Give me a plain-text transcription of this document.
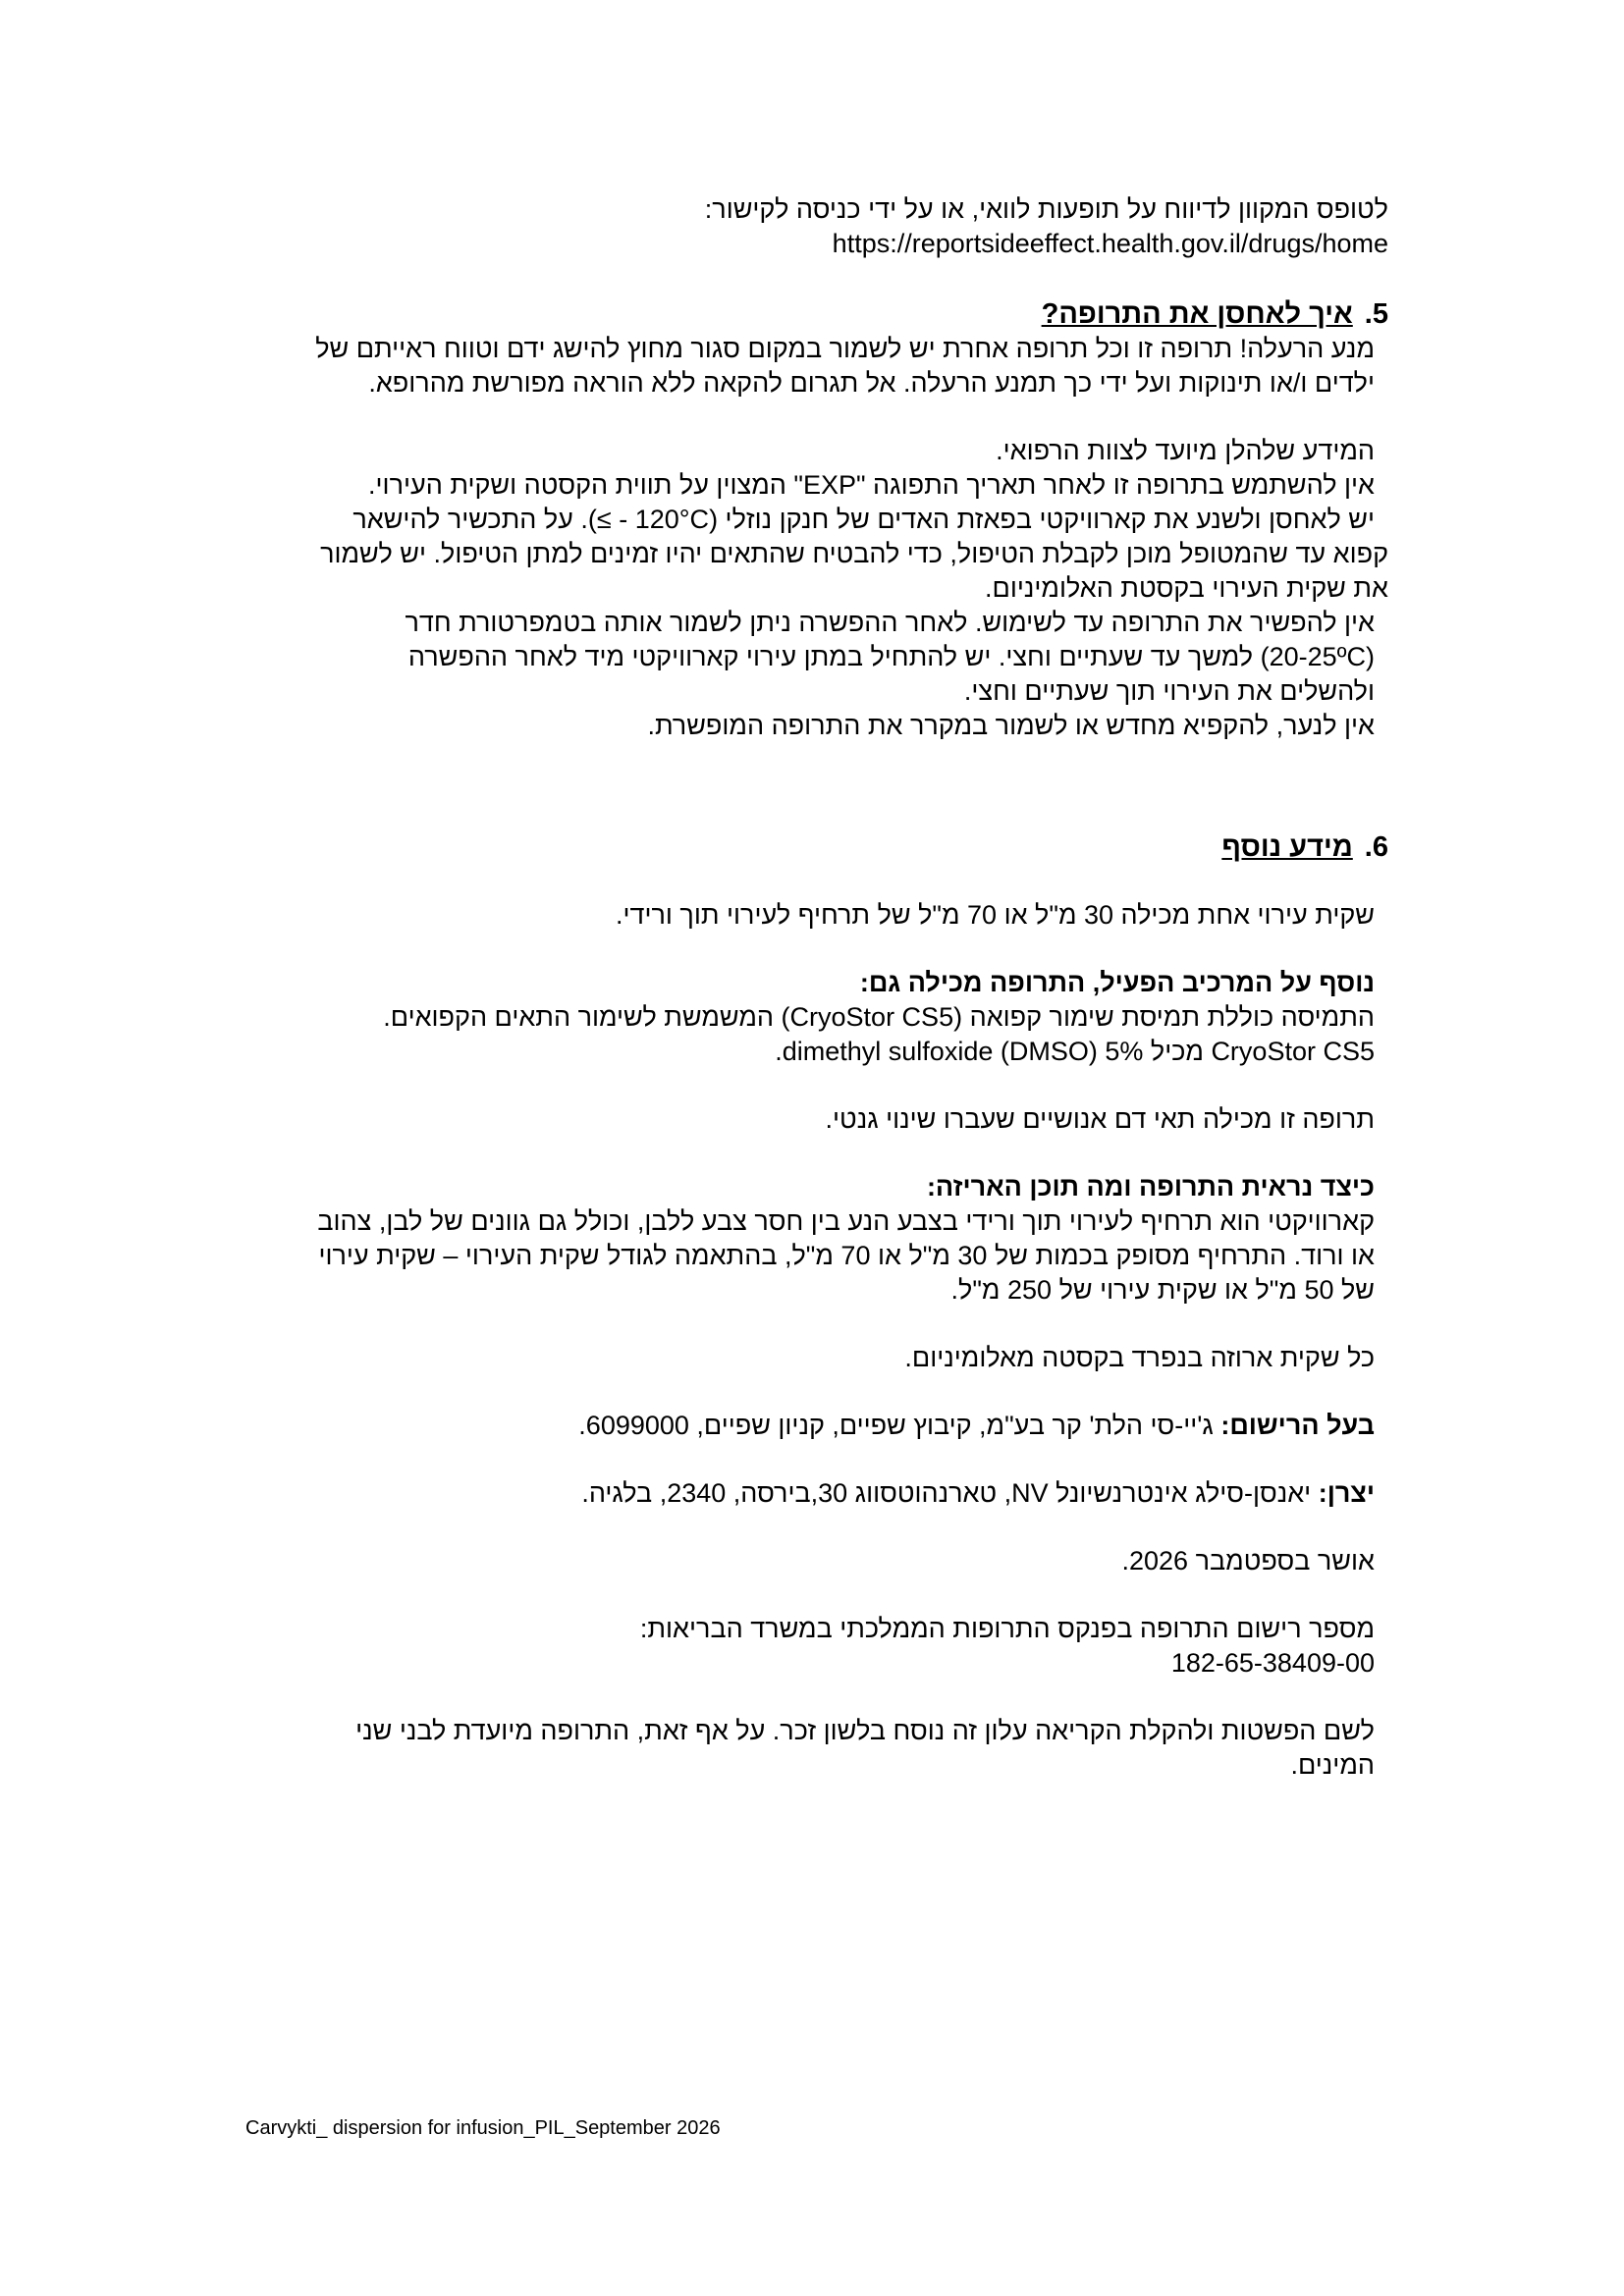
לטופס המקוון לדיווח על תופעות לוואי, או על ידי כניסה לקישור:

https://reportsideeffect.health.gov.il/drugs/home

5.
איך לאחסן את התרופה?

מנע הרעלה! תרופה זו וכל תרופה אחרת יש לשמור במקום סגור מחוץ להישג ידם וטווח ראייתם של

ילדים ו/או תינוקות ועל ידי כך תמנע הרעלה. אל תגרום להקאה ללא הוראה מפורשת מהרופא.

המידע שלהלן מיועד לצוות הרפואי.

אין להשתמש בתרופה זו לאחר תאריך התפוגה "EXP" המצוין על תווית הקסטה ושקית העירוי.

יש לאחסן ולשנע את קארוויקטי בפאזת האדים של חנקן נוזלי (120°C - ≥). על התכשיר להישאר

קפוא עד שהמטופל מוכן לקבלת הטיפול, כדי להבטיח שהתאים יהיו זמינים למתן הטיפול. יש לשמור

את שקית העירוי בקסטת האלומיניום.

אין להפשיר את התרופה עד לשימוש. לאחר ההפשרה ניתן לשמור אותה בטמפרטורת חדר

(20-25ºC) למשך עד שעתיים וחצי. יש להתחיל במתן עירוי קארוויקטי מיד לאחר ההפשרה

ולהשלים את העירוי תוך שעתיים וחצי.

אין לנער, להקפיא מחדש או לשמור במקרר את התרופה המופשרת.

6.
מידע נוסף

שקית עירוי אחת מכילה 30 מ"ל או 70 מ"ל של תרחיף לעירוי תוך ורידי.

נוסף על המרכיב הפעיל, התרופה מכילה גם:

התמיסה כוללת תמיסת שימור קפואה (CryoStor CS5) המשמשת לשימור התאים הקפואים.

CryoStor CS5 מכיל 5% dimethyl sulfoxide (DMSO).

תרופה זו מכילה תאי דם אנושיים שעברו שינוי גנטי.

כיצד נראית התרופה ומה תוכן האריזה:

קארוויקטי הוא תרחיף לעירוי תוך ורידי בצבע הנע בין חסר צבע ללבן, וכולל גם גוונים של לבן, צהוב

או ורוד. התרחיף מסופק בכמות של 30 מ"ל או 70 מ"ל, בהתאמה לגודל שקית העירוי – שקית עירוי

של 50 מ"ל או שקית עירוי של 250 מ"ל.

כל שקית ארוזה בנפרד בקסטה מאלומיניום.

בעל הרישום: ג'יי-סי הלת' קר בע"מ, קיבוץ שפיים, קניון שפיים, 6099000.

יצרן: יאנסן-סילג אינטרנשיונל NV, טארנהוטסווג 30,בירסה, 2340, בלגיה.

אושר בספטמבר 2026.

מספר רישום התרופה בפנקס התרופות הממלכתי במשרד הבריאות:

182-65-38409-00

לשם הפשטות ולהקלת הקריאה עלון זה נוסח בלשון זכר. על אף זאת, התרופה מיועדת לבני שני

המינים.

Carvykti_ dispersion for infusion_PIL_September 2026
